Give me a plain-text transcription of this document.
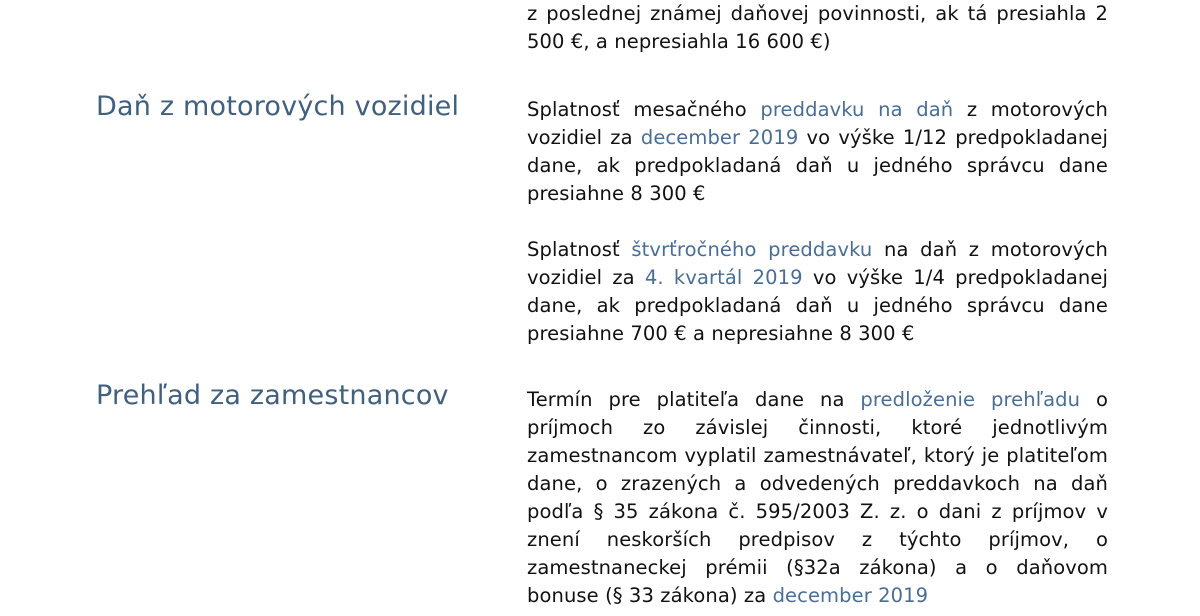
z poslednej známej daňovej povinnosti, ak tá presiahla 2 500 €, a nepresiahla 16 600 €)
Daň z motorových vozidiel	Splatnosť mesačného preddavku na daň z motorových vozidiel za december 2019 vo výške 1/12 predpokladanej dane, ak predpokladaná daň u jedného správcu dane presiahne 8 300 €
Splatnosť štvrťročného preddavku na daň z motorových vozidiel za 4. kvartál 2019 vo výške 1/4 predpokladanej dane, ak predpokladaná daň u jedného správcu dane presiahne 700 € a nepresiahne 8 300 €
Prehľad za zamestnancov	Termín pre platiteľa dane na predloženie prehľadu o príjmoch zo závislej činnosti, ktoré jednotlivým zamestnancom vyplatil zamestnávateľ, ktorý je platiteľom dane, o zrazených a odvedených preddavkoch na daň podľa § 35 zákona č. 595/2003 Z. z. o dani z príjmov v znení neskorších predpisov z týchto príjmov, o zamestnaneckej prémii (§32a zákona) a o daňovom bonuse (§ 33 zákona) za december 2019
